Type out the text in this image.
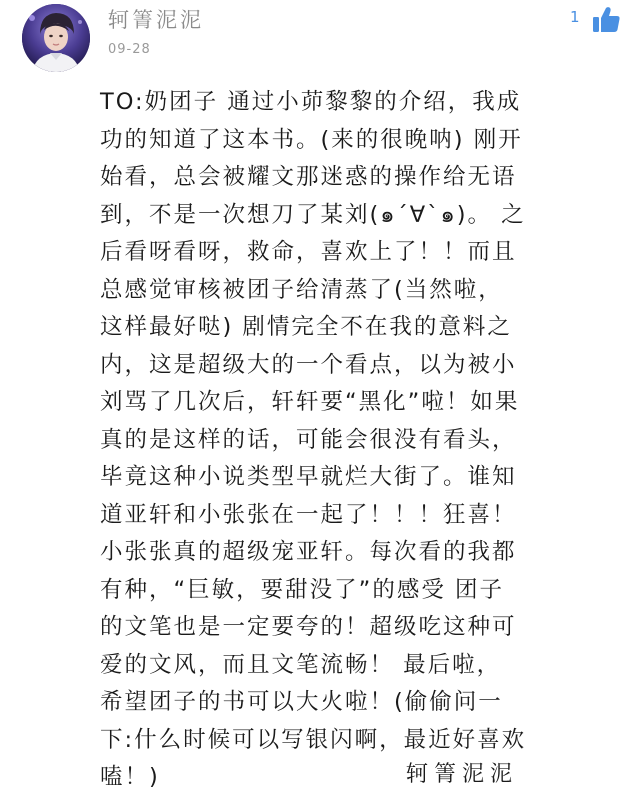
轲箐泥泥
09-28
1
TO:奶团子 通过小茆黎黎的介绍，我成
功的知道了这本书。(来的很晚呐) 刚开
始看，总会被耀文那迷惑的操作给无语
到，不是一次想刀了某刘(๑´∀`๑)。 之
后看呀看呀，救命，喜欢上了！！而且
总感觉审核被团子给清蒸了(当然啦，
这样最好哒) 剧情完全不在我的意料之
内，这是超级大的一个看点，以为被小
刘骂了几次后，轩轩要“黑化”啦！如果
真的是这样的话，可能会很没有看头，
毕竟这种小说类型早就烂大街了。谁知
道亚轩和小张张在一起了！！！狂喜！
小张张真的超级宠亚轩。每次看的我都
有种，“巨敏，要甜没了”的感受 团子
的文笔也是一定要夸的！超级吃这种可
爱的文风，而且文笔流畅！ 最后啦，
希望团子的书可以大火啦！(偷偷问一
下:什么时候可以写银闪啊，最近好喜欢
嗑！)	轲箐泥泥
